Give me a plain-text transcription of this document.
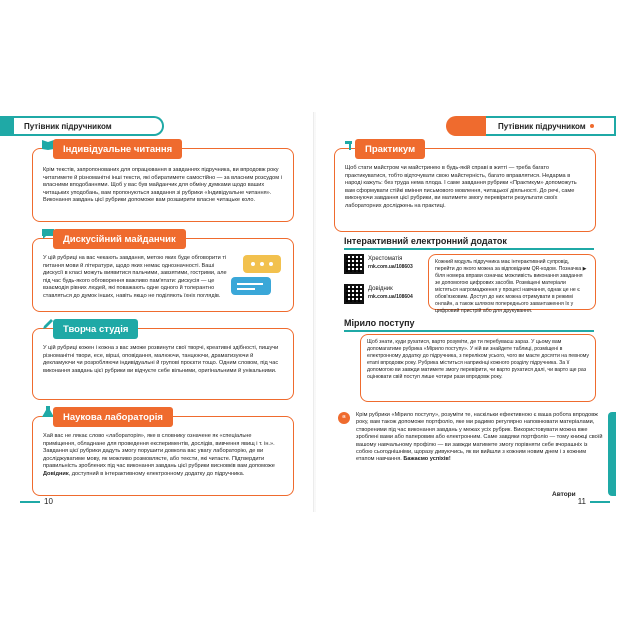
Путівник підручником
Індивідуальне читання
Крім текстів, запропонованих для опрацювання в завданнях підручника, ви впродовж року читатимете й різноманітні інші тексти, які обиратимете самостійно — за власним розсудом і власними вподобаннями. Щоб у вас був майданчик для обміну думками щодо ваших читацьких уподобань, вам пропонуються завдання зі рубрики «Індивідуальне читання». Виконання завдань цієї рубрики допоможе вам розширити власне читацьке коло.
Дискусійний майданчик
У цій рубриці на вас чекають завдання, метою яких буде обговорити ті питання мови й літератури, щодо яких немає однозначності. Ваші дискусії в класі можуть виявитися пальчими, завзятими, гострими, але під час будь-якого обговорення важливо пам'ятати: дискусія — це взаємодія рівних людей, які поважають одне одного й толерантно ставляться до думок інших, навіть якщо не поділяють їхніх поглядів.
Творча студія
У цій рубриці кожен і кожна з вас зможе розвинути свої творчі, креативні здібності, пишучи різноманітні твори, есе, вірші, оповідання, малюючи, танцюючи, драматизуючи й декламуючи чи розробляючи індивідуальні й групові проєкти тощо. Одним словом, під час виконання завдань цієї рубрики ви відчуєте себе вільними, оригінальними й унікальними.
Наукова лабораторія
Хай вас не лякає слово «лабораторія», яке в словнику означене як «спеціальне приміщення, обладнане для проведення експериментів, дослідів, вивчення явищ і т. ін.». Завдання цієї рубрики дадуть змогу порушити довкола вас увагу лабораторію, де ви досліджуватиме мову, як можливо розмовляєте, або тексти, які читаєте. Підтвердити правильність зроблених під час виконання завдань цієї рубрики висновків вам допоможе Довідник, доступний в інтерактивному електронному додатку до підручника.
10
Путівник підручником
Практикум
Щоб стати майстром чи майстринею в будь-якій справі в житті — треба багато практикуватися, тобто відточувати свою майстерність, багато вправлятися. Недарма в народі кажуть: без труда нема плода. І саме завдання рубрики «Практикум» допоможуть вам сформувати стійкі вміння письмового мовлення, читацької діяльності. До речі, саме виконуючи завдання цієї рубрики, ви матимете змогу перевірити результати своїх лабораторних досліджень на практиці.
Інтерактивний електронний додаток
Хрестоматія
rnk.com.ua/108603
Довідник
rnk.com.ua/108604
Кожний модуль підручника має інтерактивний супровід, перейти до якого можна за відповідним QR-кодом. Позначка ▶ біля номера вправи означає можливість виконання завдання зе допомогою цифрових засобів. Розміщені матеріали містяться нагромадження у процесі навчання, однак це не є обов'язковим. Доступ до них можна отримувати в режимі онлайн, а також шляхом попереднього завантаження їх у цифровий пристрій або для друкування.
Мірило поступу
Щоб знати, куди рухатися, варто розуміти, де ти перебуваєш зараз. У цьому вам допомагатиме рубрика «Мірило поступу». У ній ви знайдете таблиці, розміщені в електронному додатку до підручника, з переліком усього, чого ви маєте досягти на певному етапі впродовж року. Рубрика міститься наприкінці кожного розділу підручника. За її допомогою ви завжди матимете змогу перевірити, чи варто рухатися далі, чи варто ще раз оцінювати свій поступ лише чотири рази впродовж року.
“	Крім рубрики «Мірило поступу», розуміти те, наскільки ефективною є ваша робота впродовж року, вам також допоможе портфоліо, яке ми радимо регулярно наповнювати матеріалами, створеними під час виконання завдань у межах усіх рубрик. Використовувати можна вже зроблені вами або паперовим або електронним. Саме завдяки портфоліо — тому книжці своїй вашому навчальному профілю — ви завжди матимете змогу порівняти себе вчорашніх із собою сьогоднішніми, щоразу дивуючись, як ви вийшли з кожним новим днем і з кожним етапом навчання. Бажаємо успіхів!
Автори
11
